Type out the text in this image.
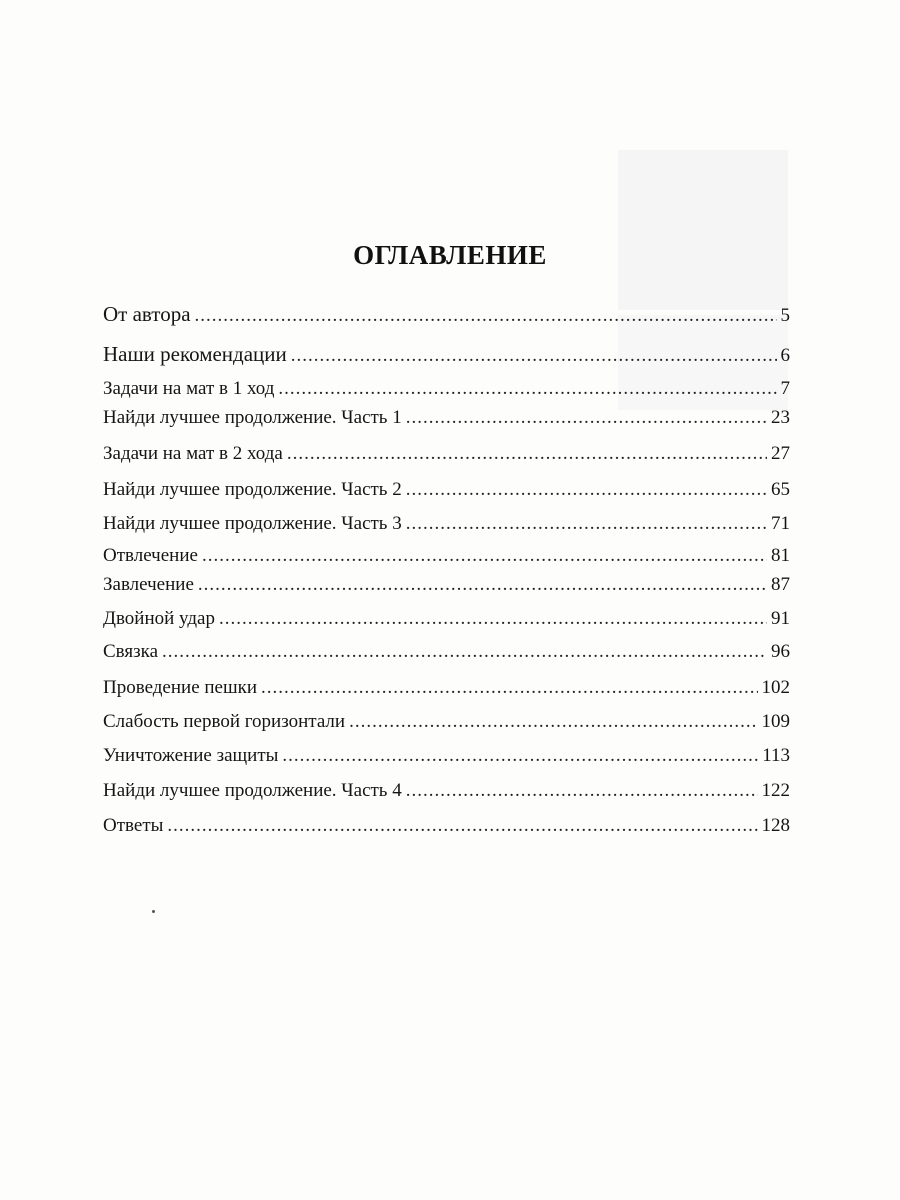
ОГЛАВЛЕНИЕ
От автора .....	5
Наши рекомендации .....	6
Задачи на мат в 1 ход .....	7
Найди лучшее продолжение. Часть 1 .....	23
Задачи на мат в 2 хода .....	27
Найди лучшее продолжение. Часть 2 .....	65
Найди лучшее продолжение. Часть 3 .....	71
Отвлечение .....	81
Завлечение .....	87
Двойной удар .....	91
Связка .....	96
Проведение пешки .....	102
Слабость первой горизонтали .....	109
Уничтожение защиты .....	113
Найди лучшее продолжение. Часть 4 .....	122
Ответы .....	128
